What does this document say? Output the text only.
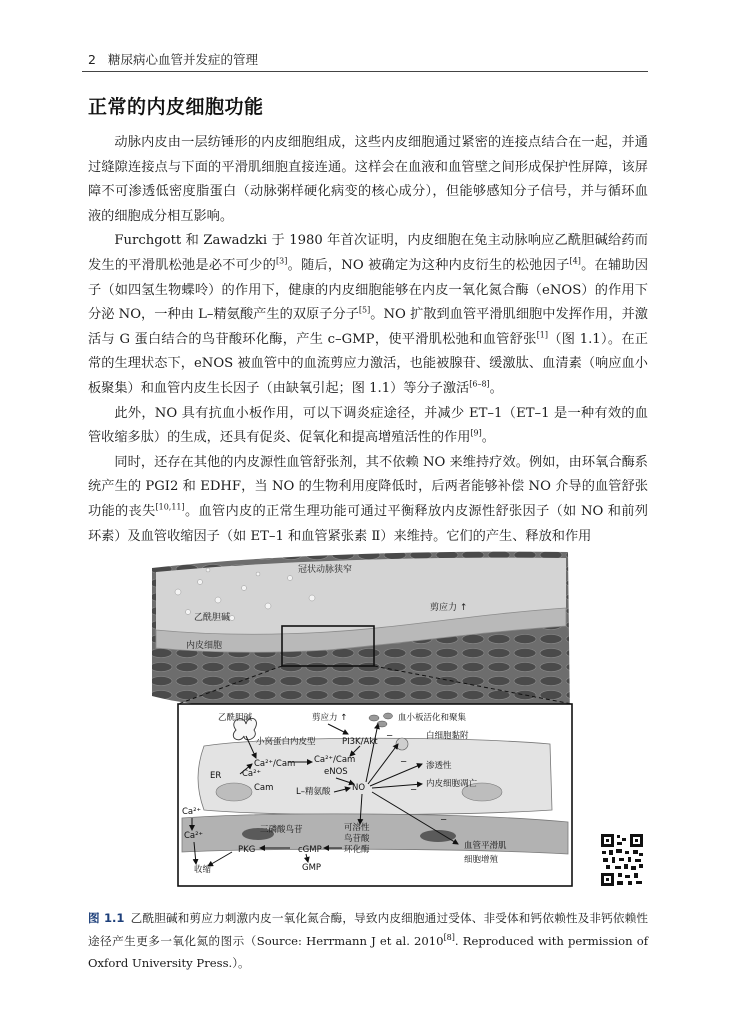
2 糖尿病心血管并发症的管理
正常的内皮细胞功能

动脉内皮由一层纺锤形的内皮细胞组成，这些内皮细胞通过紧密的连接点结合在一起，并通过缝隙连接点与下面的平滑肌细胞直接连通。这样会在血液和血管壁之间形成保护性屏障，该屏障不可渗透低密度脂蛋白（动脉粥样硬化病变的核心成分），但能够感知分子信号，并与循环血液的细胞成分相互影响。

Furchgott 和 Zawadzki 于 1980 年首次证明，内皮细胞在兔主动脉响应乙酰胆碱给药而发生的平滑肌松弛是必不可少的[3]。随后，NO 被确定为这种内皮衍生的松弛因子[4]。在辅助因子（如四氢生物蝶呤）的作用下，健康的内皮细胞能够在内皮一氧化氮合酶（eNOS）的作用下分泌 NO，一种由 L–精氨酸产生的双原子分子[5]。NO 扩散到血管平滑肌细胞中发挥作用，并激活与 G 蛋白结合的鸟苷酸环化酶，产生 c–GMP，使平滑肌松弛和血管舒张[1]（图 1.1）。在正常的生理状态下，eNOS 被血管中的血流剪应力激活，也能被腺苷、缓激肽、血清素（响应血小板聚集）和血管内皮生长因子（由缺氧引起；图 1.1）等分子激活[6–8]。

此外，NO 具有抗血小板作用，可以下调炎症途径，并减少 ET–1（ET–1 是一种有效的血管收缩多肽）的生成，还具有促炎、促氧化和提高增殖活性的作用[9]。

同时，还存在其他的内皮源性血管舒张剂，其不依赖 NO 来维持疗效。例如，由环氧合酶系统产生的 PGI2 和 EDHF，当 NO 的生物利用度降低时，后两者能够补偿 NO 介导的血管舒张功能的丧失[10,11]。血管内皮的正常生理功能可通过平衡释放内皮源性舒张因子（如 NO 和前列环素）及血管收缩因子（如 ET–1 和血管紧张素 Ⅱ）来维持。它们的产生、释放和作用

冠状动脉狭窄
乙酰胆碱
剪应力 ↑
内皮细胞
乙酰胆碱	剪应力 ↑	血小板活化和聚集
小窝蛋白内皮型	PI3K/Akt
白细胞黏附
Ca²⁺/Cam Ca²⁺/Cam
eNOS
ER Ca²⁺
Cam	L–精氨酸	NO
渗透性
内皮细胞凋亡
Ca²⁺
Ca²⁺
三磷酸鸟苷	可溶性
鸟苷酸
环化酶
PKG	cGMP
GMP
收缩
血管平滑肌
细胞增殖
−
−
−
−
图 1.1 乙酰胆碱和剪应力刺激内皮一氧化氮合酶，导致内皮细胞通过受体、非受体和钙依赖性及非钙依赖性途径产生更多一氧化氮的图示（Source: Herrmann J et al. 2010[8]. Reproduced with permission of Oxford University Press.）。
